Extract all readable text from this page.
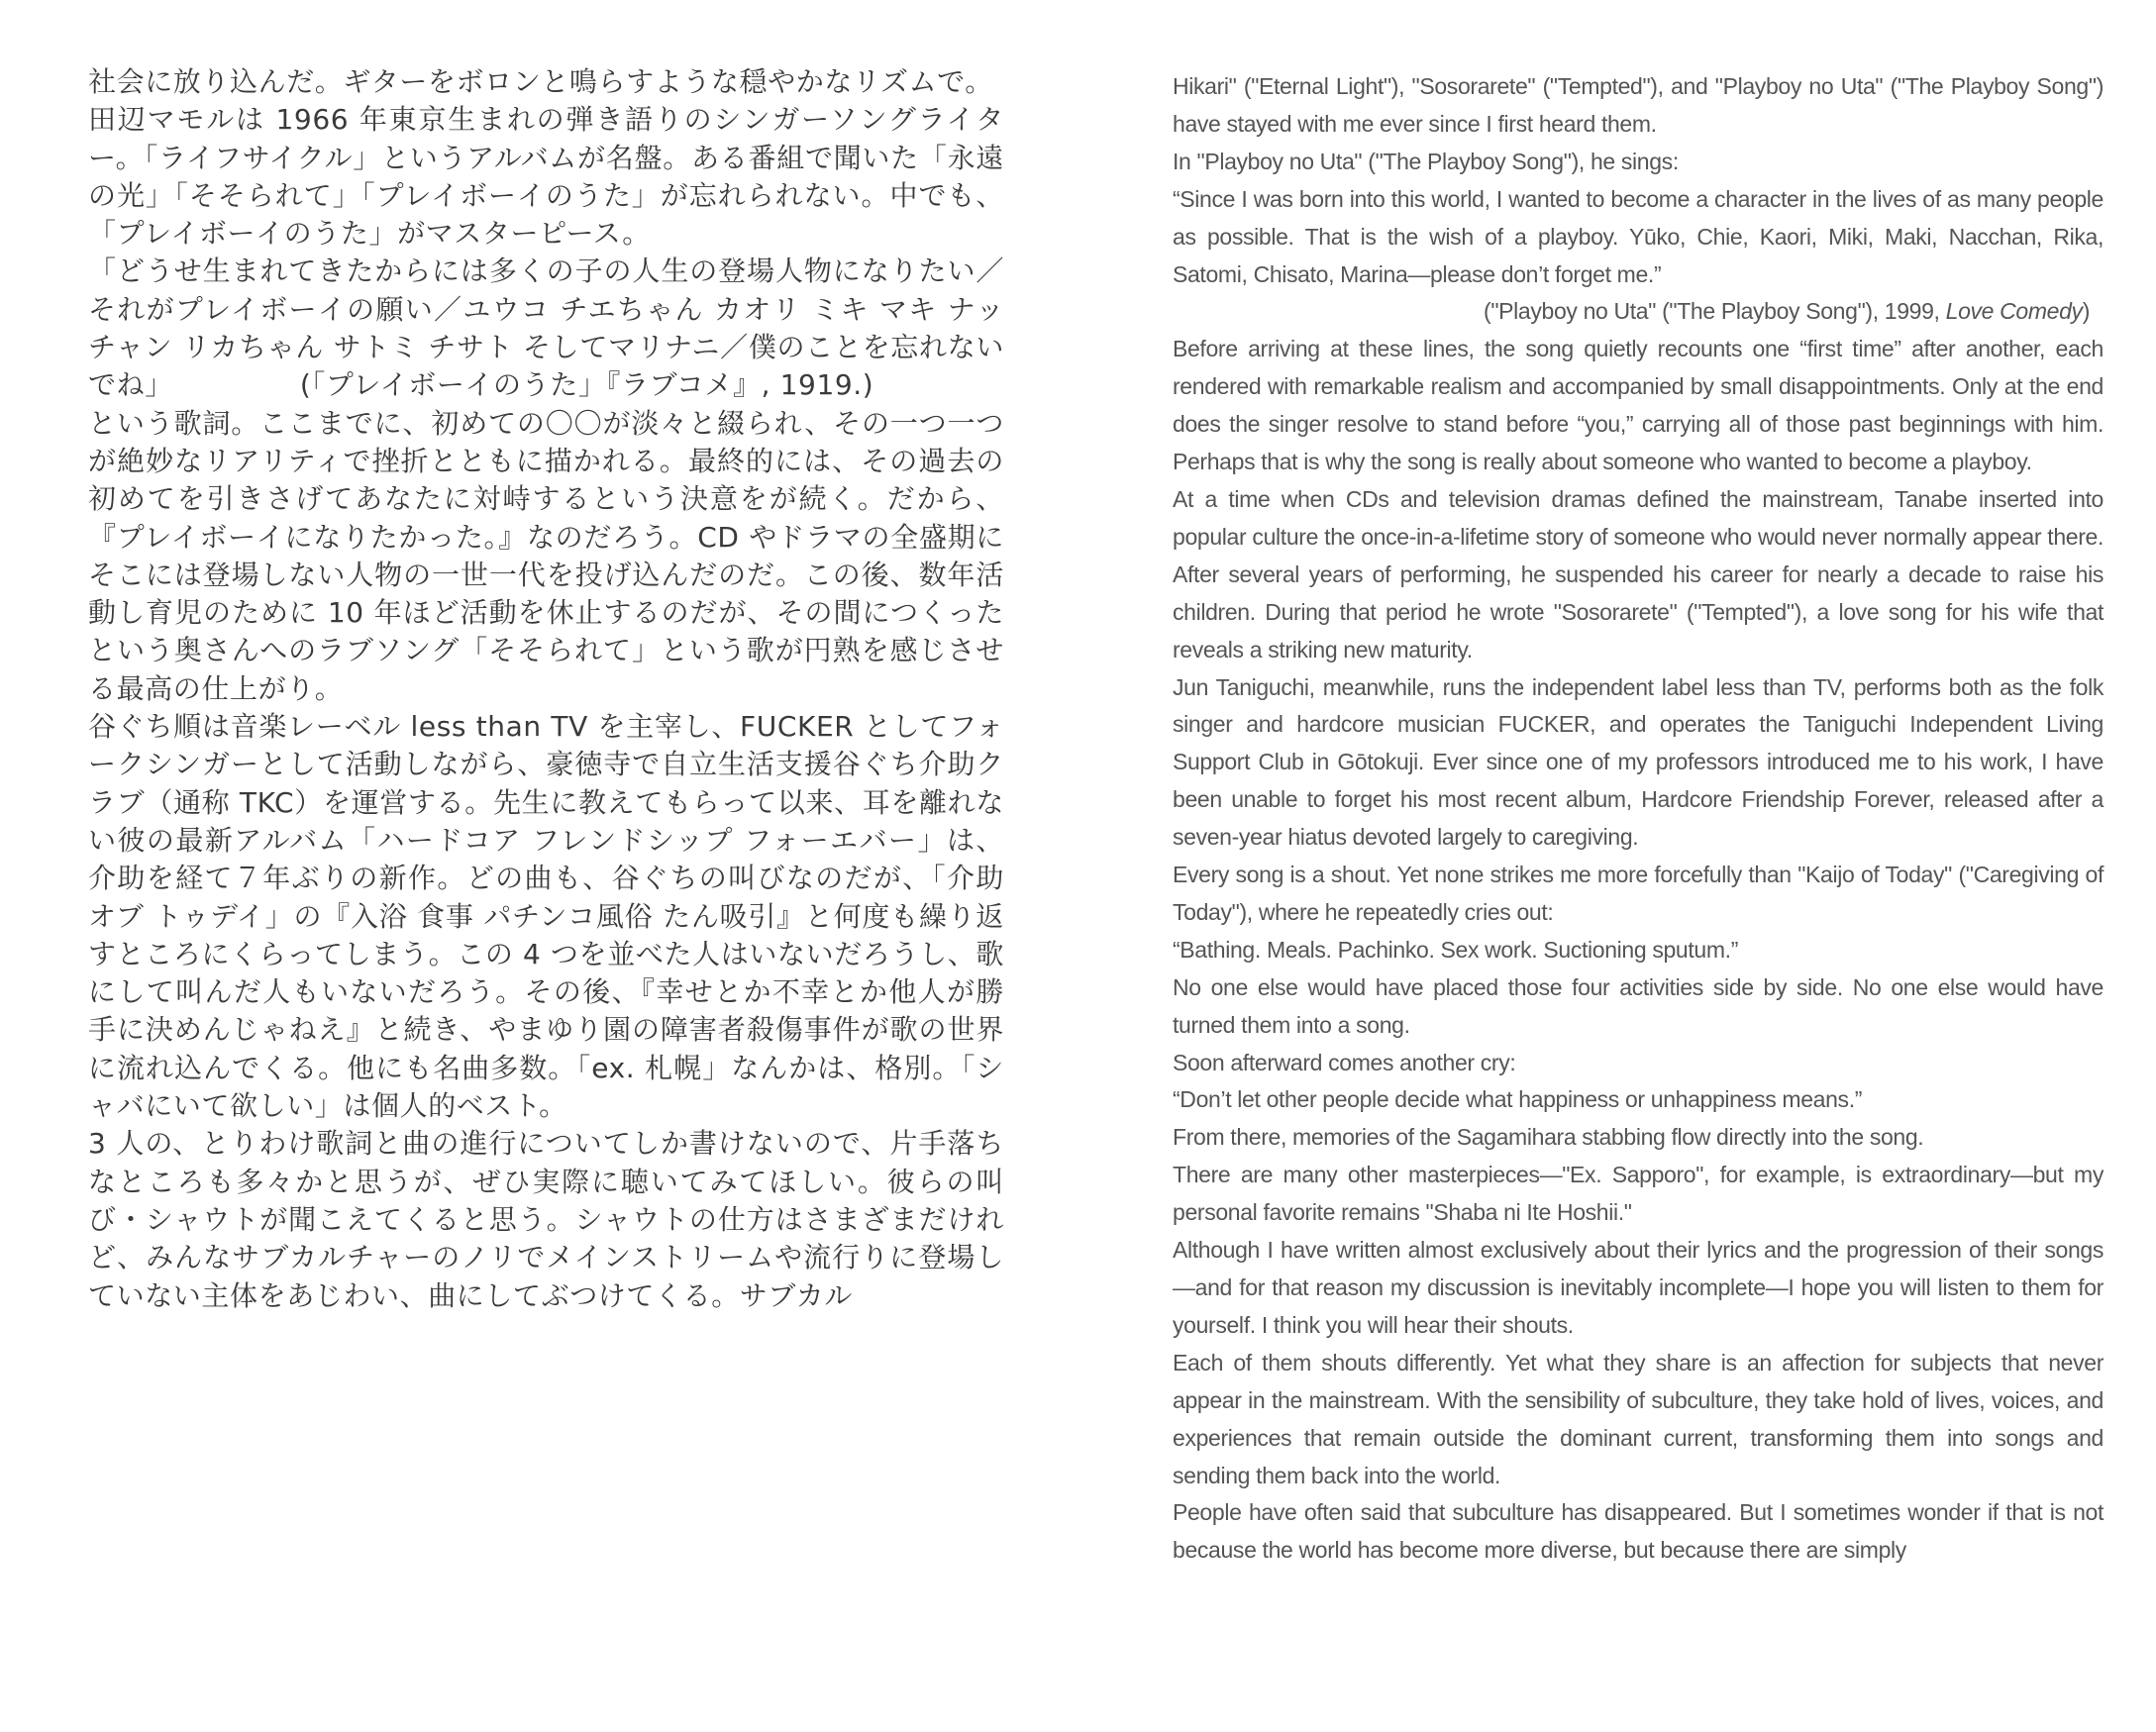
社会に放り込んだ。ギターをボロンと鳴らすような穏やかなリズムで。

田辺マモルは 1966 年東京生まれの弾き語りのシンガーソングライター。「ライフサイクル」というアルバムが名盤。ある番組で聞いた「永遠の光」「そそられて」「プレイボーイのうた」が忘れられない。中でも、「プレイボーイのうた」がマスターピース。

「どうせ生まれてきたからには多くの子の人生の登場人物になりたい／それがプレイボーイの願い／ユウコ チエちゃん カオリ ミキ マキ ナッチャン リカちゃん サトミ チサト そしてマリナニ／僕のことを忘れないでね」	(「プレイボーイのうた」『ラブコメ』, 1919.)

という歌詞。ここまでに、初めての〇〇が淡々と綴られ、その一つ一つが絶妙なリアリティで挫折とともに描かれる。最終的には、その過去の初めてを引きさげてあなたに対峙するという決意をが続く。だから、『プレイボーイになりたかった。』なのだろう。CD やドラマの全盛期にそこには登場しない人物の一世一代を投げ込んだのだ。この後、数年活動し育児のために 10 年ほど活動を休止するのだが、その間につくったという奥さんへのラブソング「そそられて」という歌が円熟を感じさせる最高の仕上がり。

谷ぐち順は音楽レーベル less than TV を主宰し、FUCKER としてフォークシンガーとして活動しながら、豪徳寺で自立生活支援谷ぐち介助クラブ（通称 TKC）を運営する。先生に教えてもらって以来、耳を離れない彼の最新アルバム「ハードコア フレンドシップ フォーエバー」は、介助を経て７年ぶりの新作。どの曲も、谷ぐちの叫びなのだが、「介助 オブ トゥデイ」の『入浴 食事 パチンコ風俗 たん吸引』と何度も繰り返すところにくらってしまう。この 4 つを並べた人はいないだろうし、歌にして叫んだ人もいないだろう。その後、『幸せとか不幸とか他人が勝手に決めんじゃねえ』と続き、やまゆり園の障害者殺傷事件が歌の世界に流れ込んでくる。他にも名曲多数。「ex. 札幌」なんかは、格別。「シャバにいて欲しい」は個人的ベスト。

3 人の、とりわけ歌詞と曲の進行についてしか書けないので、片手落ちなところも多々かと思うが、ぜひ実際に聴いてみてほしい。彼らの叫び・シャウトが聞こえてくると思う。シャウトの仕方はさまざまだけれど、みんなサブカルチャーのノリでメインストリームや流行りに登場していない主体をあじわい、曲にしてぶつけてくる。サブカル

Hikari" ("Eternal Light"), "Sosorarete" ("Tempted"), and "Playboy no Uta" ("The Playboy Song") have stayed with me ever since I first heard them.

In "Playboy no Uta" ("The Playboy Song"), he sings:

“Since I was born into this world, I wanted to become a character in the lives of as many people as possible. That is the wish of a playboy. Yūko, Chie, Kaori, Miki, Maki, Nacchan, Rika, Satomi, Chisato, Marina—please don’t forget me.”

("Playboy no Uta" ("The Playboy Song"), 1999, Love Comedy)

Before arriving at these lines, the song quietly recounts one “first time” after another, each rendered with remarkable realism and accompanied by small disappointments. Only at the end does the singer resolve to stand before “you,” carrying all of those past beginnings with him. Perhaps that is why the song is really about someone who wanted to become a playboy.

At a time when CDs and television dramas defined the mainstream, Tanabe inserted into popular culture the once-in-a-lifetime story of someone who would never normally appear there. After several years of performing, he suspended his career for nearly a decade to raise his children. During that period he wrote "Sosorarete" ("Tempted"), a love song for his wife that reveals a striking new maturity.

Jun Taniguchi, meanwhile, runs the independent label less than TV, performs both as the folk singer and hardcore musician FUCKER, and operates the Taniguchi Independent Living Support Club in Gōtokuji. Ever since one of my professors introduced me to his work, I have been unable to forget his most recent album, Hardcore Friendship Forever, released after a seven-year hiatus devoted largely to caregiving.

Every song is a shout. Yet none strikes me more forcefully than "Kaijo of Today" ("Caregiving of Today"), where he repeatedly cries out:

“Bathing. Meals. Pachinko. Sex work. Suctioning sputum.”

No one else would have placed those four activities side by side. No one else would have turned them into a song.

Soon afterward comes another cry:

“Don’t let other people decide what happiness or unhappiness means.”

From there, memories of the Sagamihara stabbing flow directly into the song.

There are many other masterpieces—"Ex. Sapporo", for example, is extraordinary—but my personal favorite remains "Shaba ni Ite Hoshii."

Although I have written almost exclusively about their lyrics and the progression of their songs—and for that reason my discussion is inevitably incomplete—I hope you will listen to them for yourself. I think you will hear their shouts.

Each of them shouts differently. Yet what they share is an affection for subjects that never appear in the mainstream. With the sensibility of subculture, they take hold of lives, voices, and experiences that remain outside the dominant current, transforming them into songs and sending them back into the world.

People have often said that subculture has disappeared. But I sometimes wonder if that is not because the world has become more diverse, but because there are simply
